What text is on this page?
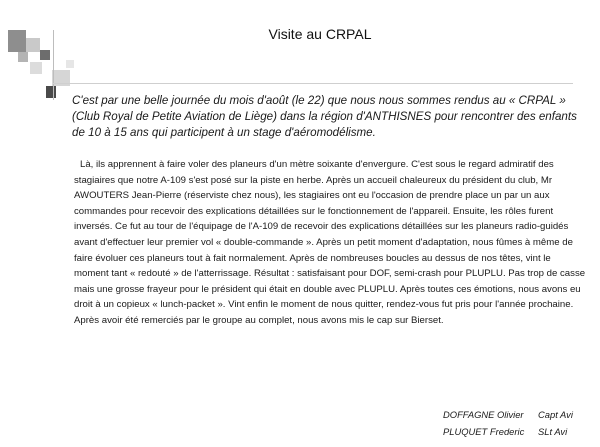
Visite au CRPAL
C'est par une belle journée du mois d'août (le 22) que nous nous sommes rendus au « CRPAL » (Club Royal de Petite Aviation de Liège) dans la région d'ANTHISNES pour rencontrer des enfants de 10 à 15 ans qui participent à un stage d'aéromodélisme.
Là, ils apprennent à faire voler des planeurs d'un mètre soixante d'envergure. C'est sous le regard admiratif des stagiaires que notre A-109 s'est posé sur la piste en herbe. Après un accueil chaleureux du président du club, Mr AWOUTERS Jean-Pierre (réserviste chez nous), les stagiaires ont eu l'occasion de prendre place un par un aux commandes pour recevoir des explications détaillées sur le fonctionnement de l'appareil. Ensuite, les rôles furent inversés. Ce fut au tour de l'équipage de l'A-109 de recevoir des explications détaillées sur les planeurs radio-guidés avant d'effectuer leur premier vol « double-commande ». Après un petit moment d'adaptation, nous fûmes à même de faire évoluer ces planeurs tout à fait normalement. Après de nombreuses boucles au dessus de nos têtes, vint le moment tant « redouté » de l'atterrissage. Résultat : satisfaisant pour DOF, semi-crash pour PLUPLU. Pas trop de casse mais une grosse frayeur pour le président qui était en double avec PLUPLU. Après toutes ces émotions, nous avons eu droit à un copieux « lunch-packet ». Vint enfin le moment de nous quitter, rendez-vous fut pris pour l'année prochaine. Après avoir été remerciés par le groupe au complet, nous avons mis le cap sur Bierset.
DOFFAGNE Olivier Capt Avi
PLUQUET Frederic SLt Avi
